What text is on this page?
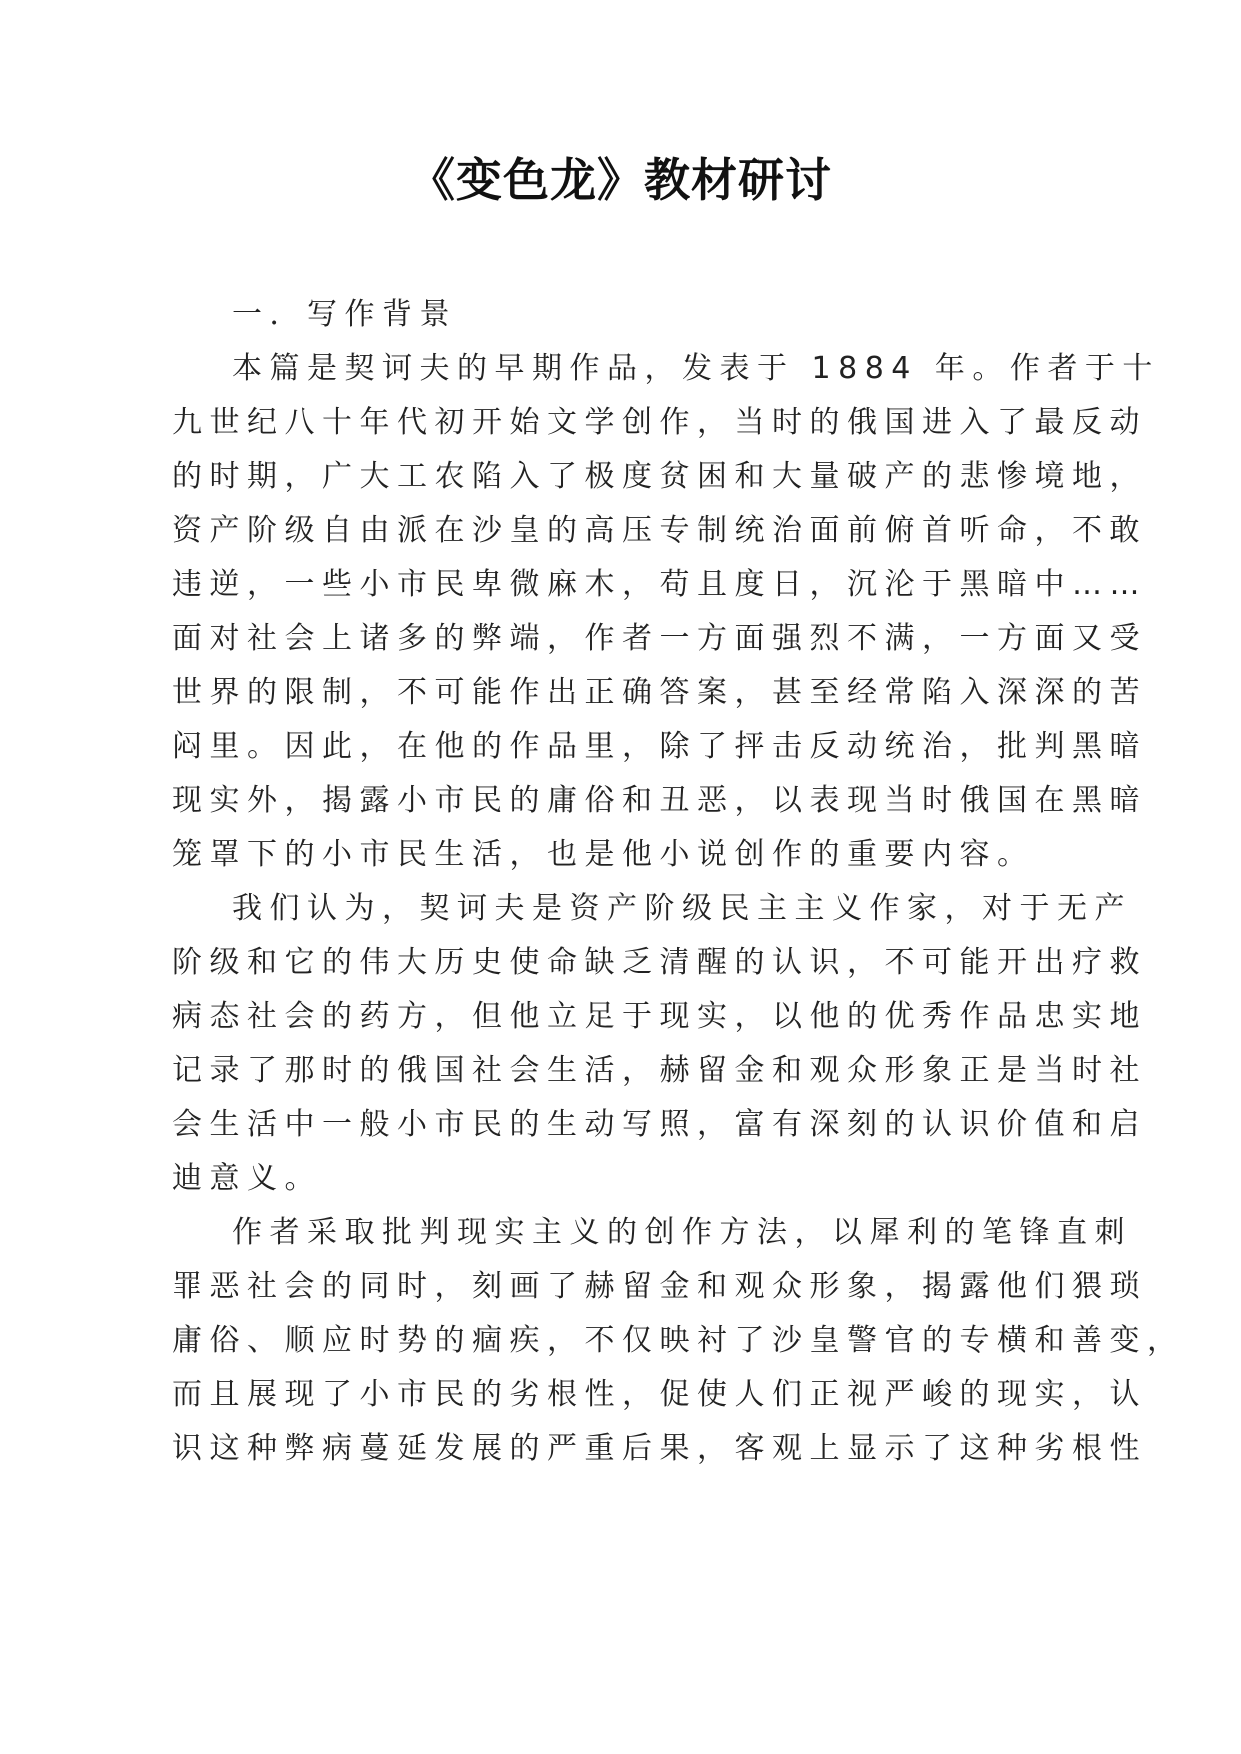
《变色龙》教材研讨
一．写作背景
本篇是契诃夫的早期作品，发表于 1884 年。作者于十
九世纪八十年代初开始文学创作，当时的俄国进入了最反动
的时期，广大工农陷入了极度贫困和大量破产的悲惨境地，
资产阶级自由派在沙皇的高压专制统治面前俯首听命，不敢
违逆，一些小市民卑微麻木，苟且度日，沉沦于黑暗中……
面对社会上诸多的弊端，作者一方面强烈不满，一方面又受
世界的限制，不可能作出正确答案，甚至经常陷入深深的苦
闷里。因此，在他的作品里，除了抨击反动统治，批判黑暗
现实外，揭露小市民的庸俗和丑恶，以表现当时俄国在黑暗
笼罩下的小市民生活，也是他小说创作的重要内容。
我们认为，契诃夫是资产阶级民主主义作家，对于无产
阶级和它的伟大历史使命缺乏清醒的认识，不可能开出疗救
病态社会的药方，但他立足于现实，以他的优秀作品忠实地
记录了那时的俄国社会生活，赫留金和观众形象正是当时社
会生活中一般小市民的生动写照，富有深刻的认识价值和启
迪意义。
作者采取批判现实主义的创作方法，以犀利的笔锋直刺
罪恶社会的同时，刻画了赫留金和观众形象，揭露他们猥琐
庸俗、顺应时势的痼疾，不仅映衬了沙皇警官的专横和善变，
而且展现了小市民的劣根性，促使人们正视严峻的现实，认
识这种弊病蔓延发展的严重后果，客观上显示了这种劣根性
